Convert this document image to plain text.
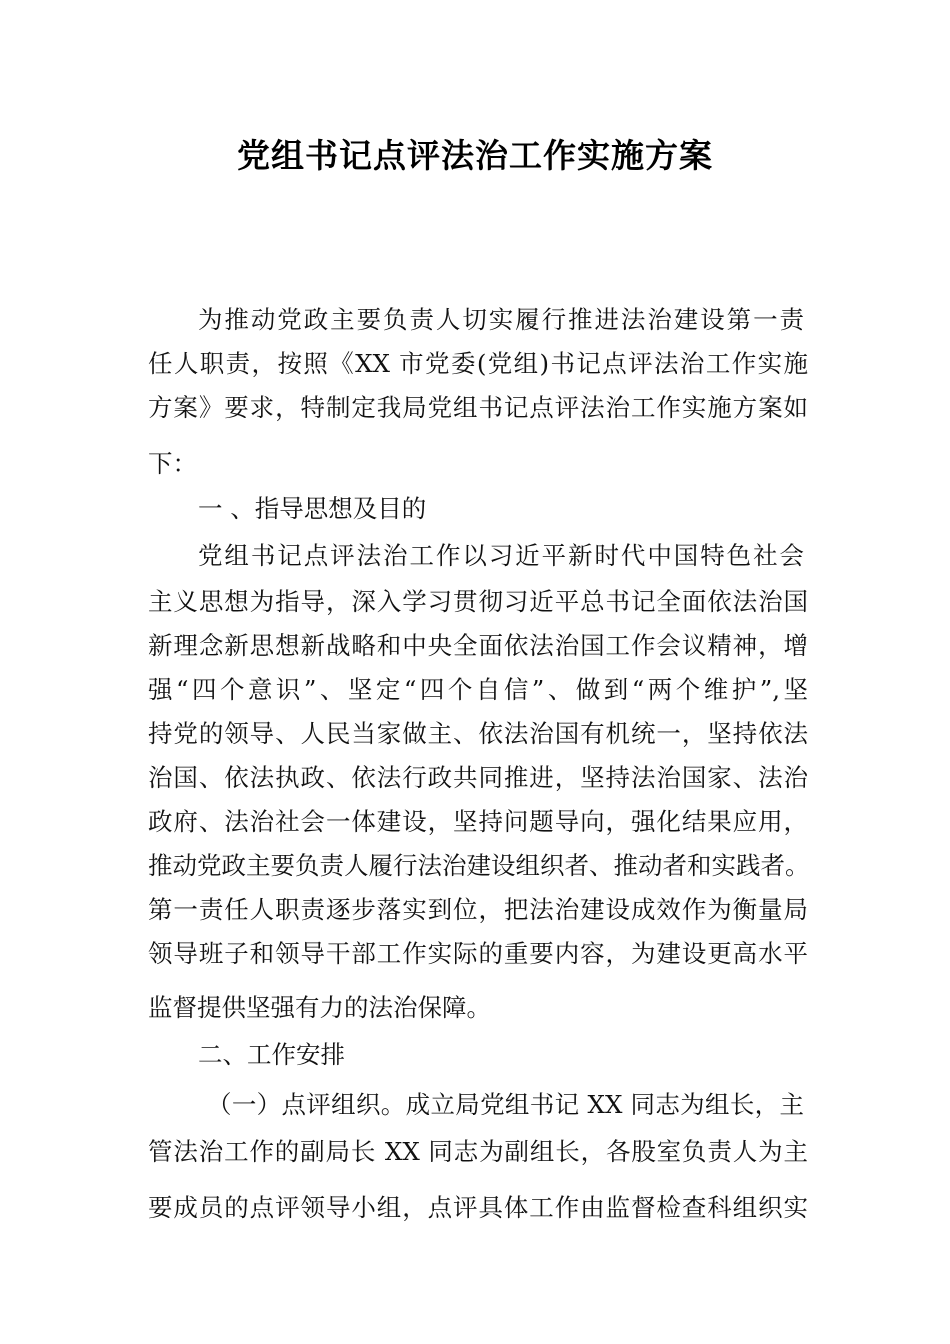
党组书记点评法治工作实施方案
为推动党政主要负责人切实履行推进法治建设第一责
任人职责，按照《XX 市党委(党组)书记点评法治工作实施
方案》要求，特制定我局党组书记点评法治工作实施方案如
下：
一 、指导思想及目的
党组书记点评法治工作以习近平新时代中国特色社会
主义思想为指导，深入学习贯彻习近平总书记全面依法治国
新理念新思想新战略和中央全面依法治国工作会议精神，增
强“四个意识”、坚定“四个自信”、做到“两个维护”,坚
持党的领导、人民当家做主、依法治国有机统一，坚持依法
治国、依法执政、依法行政共同推进，坚持法治国家、法治
政府、法治社会一体建设，坚持问题导向，强化结果应用，
推动党政主要负责人履行法治建设组织者、推动者和实践者。
第一责任人职责逐步落实到位，把法治建设成效作为衡量局
领导班子和领导干部工作实际的重要内容，为建设更高水平
监督提供坚强有力的法治保障。
二、工作安排
（一）点评组织。成立局党组书记 XX 同志为组长，主
管法治工作的副局长 XX 同志为副组长，各股室负责人为主
要成员的点评领导小组，点评具体工作由监督检查科组织实
